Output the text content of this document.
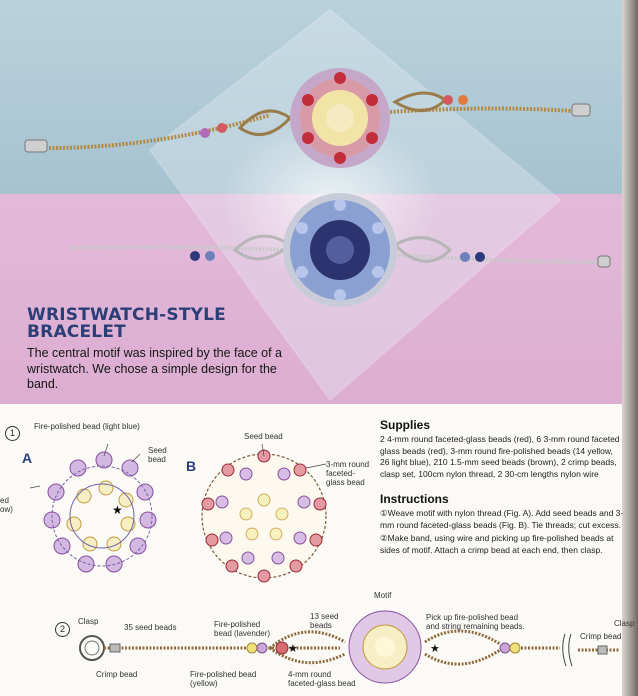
WRISTWATCH-STYLE BRACELET

The central motif was inspired by the face of a wristwatch. We chose a simple design for the band.

★
★	★
1
A	B
Fire-polished bead (light blue)
Seed
bead
ed
ow)
Seed bead
3-mm round
faceted-
glass bead
2
Clasp
35 seed beads
Crimp bead
Fire-polished
bead (lavender)
Fire-polished bead
(yellow)
13 seed
beads
Motif
4-mm round
faceted-glass bead
Pick up fire-polished bead
and string remaining beads.
Crimp bead
Clasp
Supplies

2 4-mm round faceted-glass beads (red), 6 3-mm round faceted
glass beads (red), 3-mm round fire-polished beads (14 yellow,
26 light blue), 210 1.5-mm seed beads (brown), 2 crimp beads,
clasp set, 100cm nylon thread, 2 30-cm lengths nylon wire

Instructions

①Weave motif with nylon thread (Fig. A). Add seed beads and 3-mm round faceted-glass beads (Fig. B). Tie threads; cut excess.

②Make band, using wire and picking up fire-polished beads at sides of motif. Attach a crimp bead at each end, then clasp.
